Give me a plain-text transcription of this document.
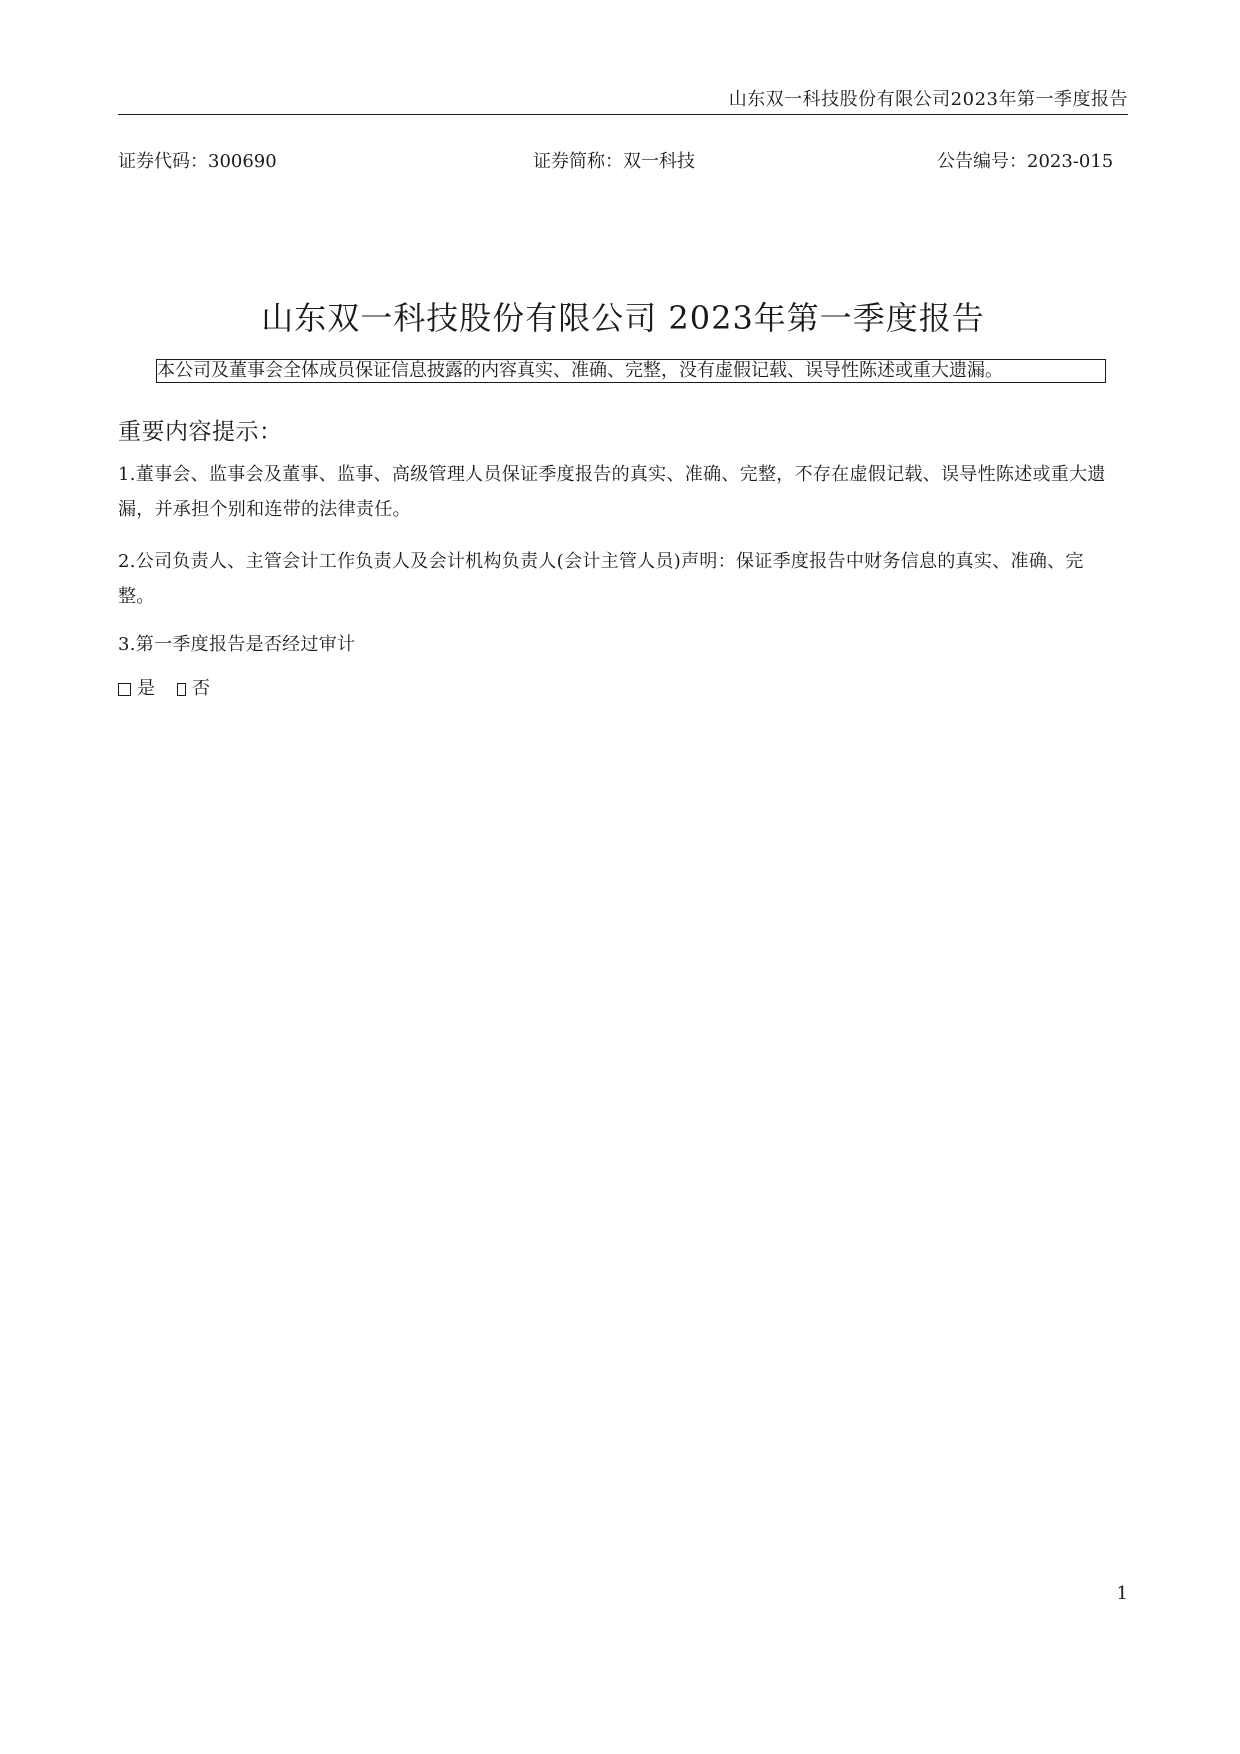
山东双一科技股份有限公司2023年第一季度报告
证券代码：300690	证券简称：双一科技	公告编号：2023-015
山东双一科技股份有限公司 2023年第一季度报告
本公司及董事会全体成员保证信息披露的内容真实、准确、完整，没有虚假记载、误导性陈述或重大遗漏。
重要内容提示：
1.董事会、监事会及董事、监事、高级管理人员保证季度报告的真实、准确、完整，不存在虚假记载、误导性陈述或重大遗漏，并承担个别和连带的法律责任。
2.公司负责人、主管会计工作负责人及会计机构负责人(会计主管人员)声明：保证季度报告中财务信息的真实、准确、完整。
3.第一季度报告是否经过审计
是 否
1
